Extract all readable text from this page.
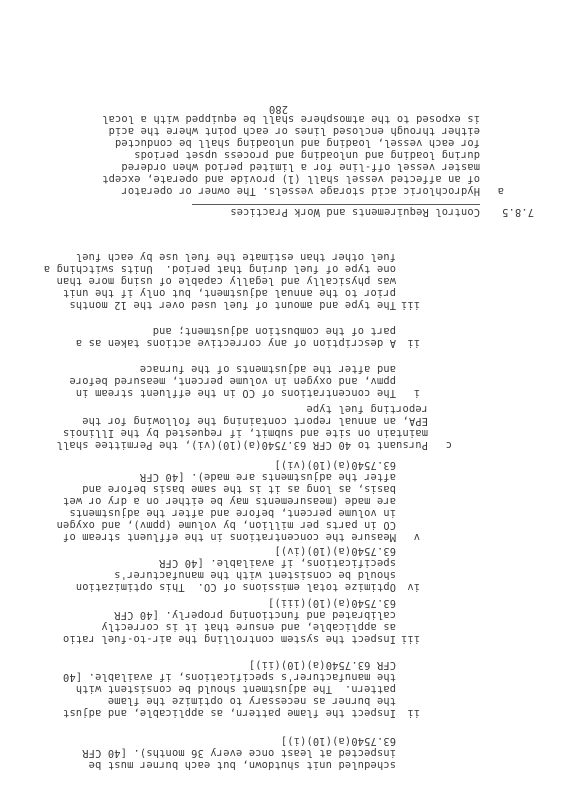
280
a
Hydrochloric acid storage vessels. The owner or operator
of an affected vessel shall (1) provide and operate, except
master vessel off-line for a limited period when ordered
during loading and unloading and process upset periods
for each vessel, loading and unloading shall be conducted
either through enclosed lines or each point where the acid
is exposed to the atmosphere shall be equipped with a local
7.8.5
Control Requirements and Work Practices
iii
The type and amount of fuel used over the 12 months
prior to the annual adjustment, but only if the unit
was physically and legally capable of using more than
one type of fuel during that period.  Units switching a
fuel other than estimate the fuel use by each fuel
ii
A description of any corrective actions taken as a
part of the combustion adjustment; and
i
The concentrations of CO in the effluent stream in
ppmv, and oxygen in volume percent, measured before
and after the adjustments of the furnace
c
Pursuant to 40 CFR 63.7540(a)(10)(vi), the Permittee shall
maintain on site and submit, if requested by the Illinois
EPA, an annual report containing the following for the
reporting fuel type
v
Measure the concentrations in the effluent stream of
CO in parts per million, by volume (ppmv), and oxygen
in volume percent, before and after the adjustments
are made (measurements may be either on a dry or wet
basis, as long as it is the same basis before and
after the adjustments are made). [40 CFR
63.7540(a)(10)(vi)]
iv
Optimize total emissions of CO.  This optimization
should be consistent with the manufacturer's
specifications, if available. [40 CFR
63.7540(a)(10)(iv)]
iii
Inspect the system controlling the air-to-fuel ratio
as applicable, and ensure that it is correctly
calibrated and functioning properly. [40 CFR
63.7540(a)(10)(iii)]
ii
Inspect the flame pattern, as applicable, and adjust
the burner as necessary to optimize the flame
pattern.  The adjustment should be consistent with
the manufacturer's specifications, if available. [40
CFR 63.7540(a)(10)(ii)]
scheduled unit shutdown, but each burner must be
inspected at least once every 36 months). [40 CFR
63.7540(a)(10)(i)]
